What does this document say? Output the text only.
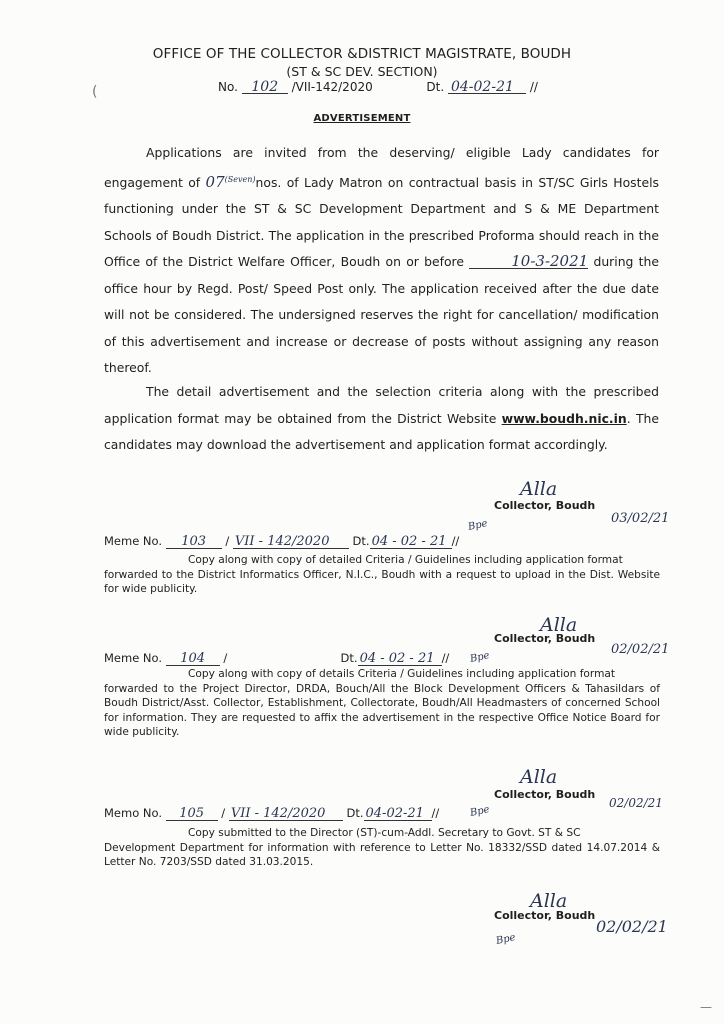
OFFICE OF THE COLLECTOR &DISTRICT MAGISTRATE, BOUDH
(ST & SC DEV. SECTION)
No. 102 /VII-142/2020	Dt. 04-02-21 //
ADVERTISEMENT
Applications are invited from the deserving/ eligible Lady candidates for engagement of $07^{(Seven)}nos$. of Lady Matron on contractual basis in ST/SC Girls Hostels functioning under the ST & SC Development Department and S & ME Department Schools of Boudh District. The application in the prescribed Proforma should reach in the Office of the District Welfare Officer, Boudh on or before	10-3-2021 during the office hour by Regd. Post/ Speed Post only. The application received after the due date will not be considered. The undersigned reserves the right for cancellation/ modification of this advertisement and increase or decrease of posts without assigning any reason thereof.
The detail advertisement and the selection criteria along with the prescribed application format may be obtained from the District Website www.boudh.nic.in. The candidates may download the advertisement and application format accordingly.
Alla
Collector, Boudh
03/02/21
Bpe
Meme No. 103 / VII - 142/2020 Dt. 04 - 02 - 21 //
Copy along with copy of detailed Criteria / Guidelines including application format
forwarded to the District Informatics Officer, N.I.C., Boudh with a request to upload in the Dist. Website for wide publicity.
Alla
Collector, Boudh
02/02/21
Bpe
Meme No. 104 /	Dt. 04 - 02 - 21 //
Copy along with copy of details Criteria / Guidelines including application format
forwarded to the Project Director, DRDA, Bouch/All the Block Development Officers & Tahasildars of Boudh District/Asst. Collector, Establishment, Collectorate, Boudh/All Headmasters of concerned School for information. They are requested to affix the advertisement in the respective Office Notice Board for wide publicity.
Alla
Collector, Boudh
02/02/21
Bpe
Memo No. 105 / VII - 142/2020 Dt. 04-02-21 //
Copy submitted to the Director (ST)-cum-Addl. Secretary to Govt. ST & SC
Development Department for information with reference to Letter No. 18332/SSD dated 14.07.2014 & Letter No. 7203/SSD dated 31.03.2015.
Alla
Collector, Boudh
02/02/21
Bpe
(
—
